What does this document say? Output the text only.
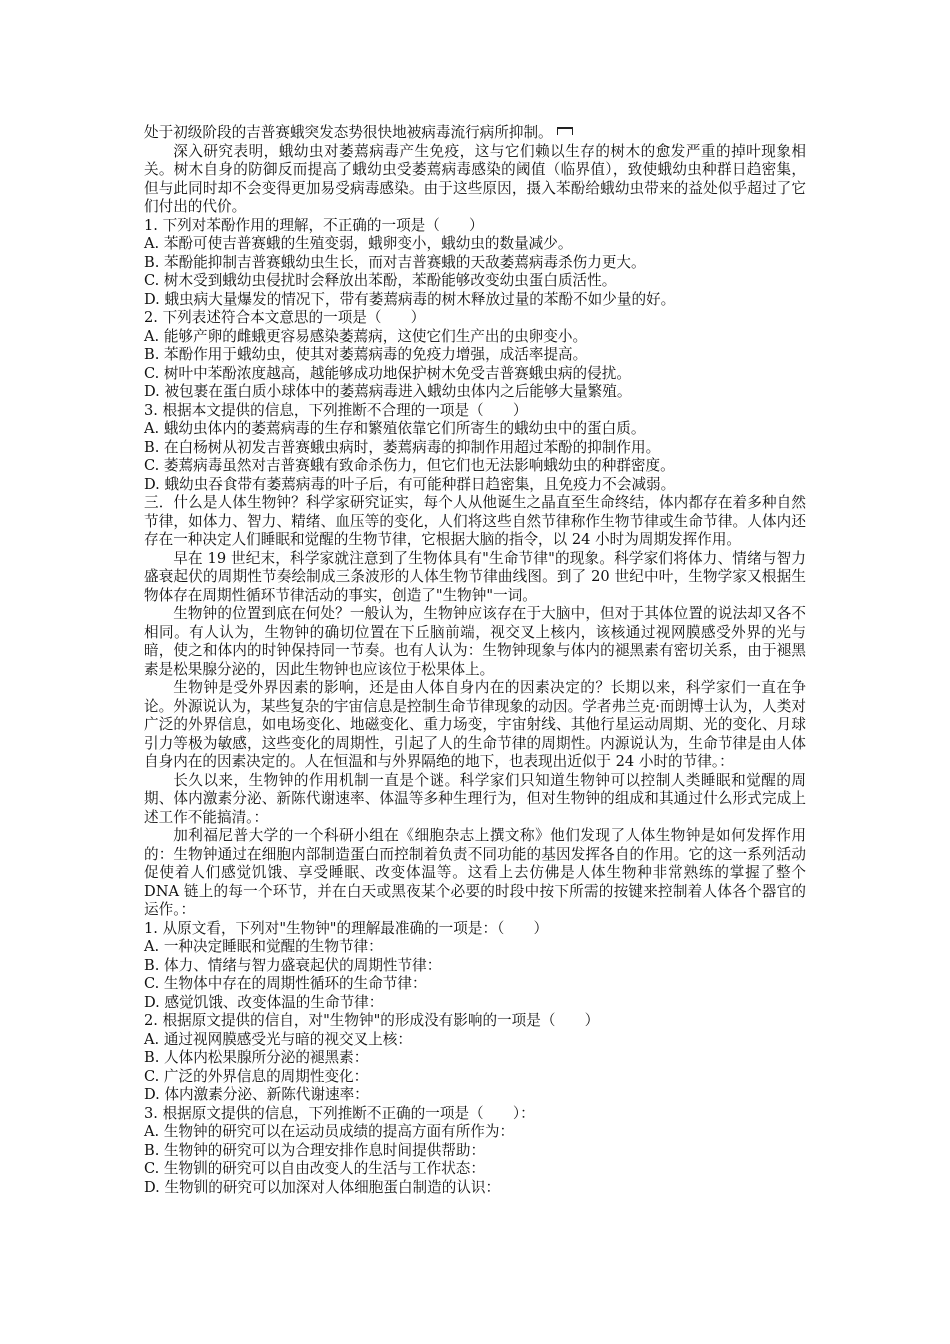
处于初级阶段的吉普赛蛾突发态势很快地被病毒流行病所抑制。

深入研究表明，蛾幼虫对萎蔫病毒产生免疫，这与它们赖以生存的树木的愈发严重的掉叶现象相关。树木自身的防御反而提高了蛾幼虫受萎蔫病毒感染的阈值（临界值），致使蛾幼虫种群日趋密集，但与此同时却不会变得更加易受病毒感染。由于这些原因，摄入苯酚给蛾幼虫带来的益处似乎超过了它们付出的代价。

1. 下列对苯酚作用的理解，不正确的一项是（　　）

A. 苯酚可使吉普赛蛾的生殖变弱，蛾卵变小，蛾幼虫的数量减少。

B. 苯酚能抑制吉普赛蛾幼虫生长，而对吉普赛蛾的天敌萎蔫病毒杀伤力更大。

C. 树木受到蛾幼虫侵扰时会释放出苯酚，苯酚能够改变幼虫蛋白质活性。

D. 蛾虫病大量爆发的情况下，带有萎蔫病毒的树木释放过量的苯酚不如少量的好。

2. 下列表述符合本文意思的一项是（　　）

A. 能够产卵的雌蛾更容易感染萎蔫病，这使它们生产出的虫卵变小。

B. 苯酚作用于蛾幼虫，使其对萎蔫病毒的免疫力增强，成活率提高。

C. 树叶中苯酚浓度越高，越能够成功地保护树木免受吉普赛蛾虫病的侵扰。

D. 被包裹在蛋白质小球体中的萎蔫病毒进入蛾幼虫体内之后能够大量繁殖。

3. 根据本文提供的信息，下列推断不合理的一项是（　　）

A. 蛾幼虫体内的萎蔫病毒的生存和繁殖依靠它们所寄生的蛾幼虫中的蛋白质。

B. 在白杨树从初发吉普赛蛾虫病时，萎蔫病毒的抑制作用超过苯酚的抑制作用。

C. 萎蔫病毒虽然对吉普赛蛾有致命杀伤力，但它们也无法影响蛾幼虫的种群密度。

D. 蛾幼虫吞食带有萎蔫病毒的叶子后，有可能种群日趋密集，且免疫力不会减弱。

三．什么是人体生物钟？科学家研究证实，每个人从他诞生之晶直至生命终结，体内都存在着多种自然节律，如体力、智力、精绪、血压等的变化，人们将这些自然节律称作生物节律或生命节律。人体内还存在一种决定人们睡眠和觉醒的生物节律，它根据大脑的指令，以 24 小时为周期发挥作用。

早在 19 世纪末，科学家就注意到了生物体具有"生命节律"的现象。科学家们将体力、情绪与智力盛衰起伏的周期性节奏绘制成三条波形的人体生物节律曲线图。到了 20 世纪中叶，生物学家又根据生物体存在周期性循环节律活动的事实，创造了"生物钟"一词。

生物钟的位置到底在何处？一般认为，生物钟应该存在于大脑中，但对于其体位置的说法却又各不相同。有人认为，生物钟的确切位置在下丘脑前端，视交叉上核内，该核通过视网膜感受外界的光与暗，使之和体内的时钟保持同一节奏。也有人认为：生物钟现象与体内的褪黑素有密切关系，由于褪黑素是松果腺分泌的，因此生物钟也应该位于松果体上。

生物钟是受外界因素的影响，还是由人体自身内在的因素决定的？长期以来，科学家们一直在争论。外源说认为，某些复杂的宇宙信息是控制生命节律现象的动因。学者弗兰克·而朗博士认为，人类对广泛的外界信息，如电场变化、地磁变化、重力场变，宇宙射线、其他行星运动周期、光的变化、月球引力等极为敏感，这些变化的周期性，引起了人的生命节律的周期性。内源说认为，生命节律是由人体自身内在的因素决定的。人在恒温和与外界隔绝的地下，也表现出近似于 24 小时的节律。：

长久以来，生物钟的作用机制一直是个谜。科学家们只知道生物钟可以控制人类睡眠和觉醒的周期、体内激素分泌、新陈代谢速率、体温等多种生理行为，但对生物钟的组成和其通过什么形式完成上述工作不能搞清。：

加利福尼普大学的一个科研小组在《细胞杂志上撰文称》他们发现了人体生物钟是如何发挥作用的：生物钟通过在细胞内部制造蛋白而控制着负责不同功能的基因发挥各自的作用。它的这一系列活动促使着人们感觉饥饿、享受睡眠、改变体温等。这看上去仿佛是人体生物种非常熟练的掌握了整个 DNA 链上的每一个环节，并在白天或黑夜某个必要的时段中按下所需的按键来控制着人体各个器官的运作。：

1. 从原文看，下列对"生物钟"的理解最准确的一项是：（　　）

A. 一种决定睡眠和觉醒的生物节律：

B. 体力、情绪与智力盛衰起伏的周期性节律：

C. 生物体中存在的周期性循环的生命节律：

D. 感觉饥饿、改变体温的生命节律：

2. 根据原文提供的信自，对"生物钟"的形成没有影响的一项是（　　）

A. 通过视网膜感受光与暗的视交叉上核：

B. 人体内松果腺所分泌的褪黑素：

C. 广泛的外界信息的周期性变化：

D. 体内激素分泌、新陈代谢速率：

3. 根据原文提供的信息，下列推断不正确的一项是（　　）：

A. 生物钟的研究可以在运动员成绩的提高方面有所作为：

B. 生物钟的研究可以为合理安排作息时间提供帮助：

C. 生物钏的研究可以自由改变人的生活与工作状态：

D. 生物钏的研究可以加深对人体细胞蛋白制造的认识：
